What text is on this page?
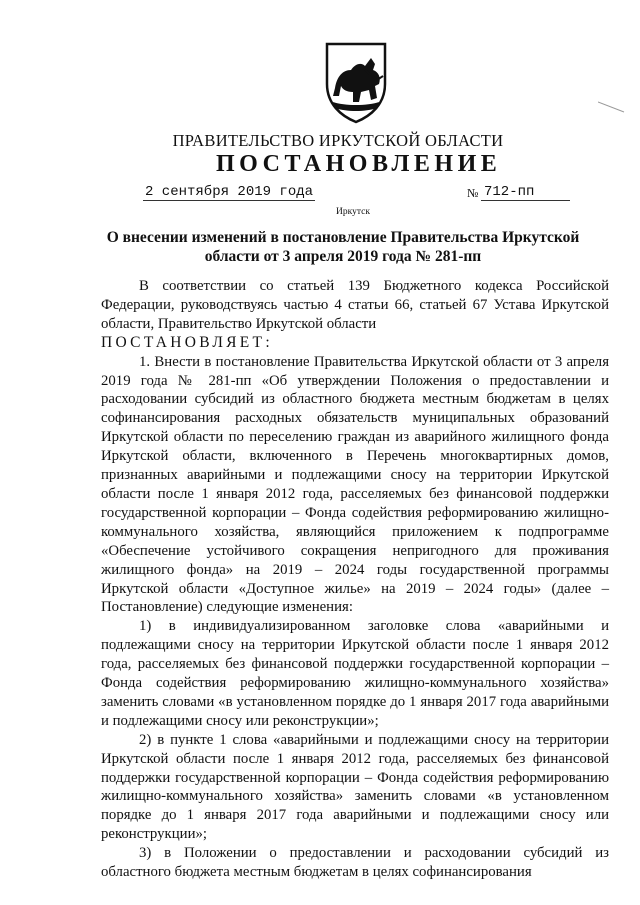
ПРАВИТЕЛЬСТВО ИРКУТСКОЙ ОБЛАСТИ
ПОСТАНОВЛЕНИЕ
2 сентября 2019 года	№ 712-пп
Иркутск
О внесении изменений в постановление Правительства Иркутской области от 3 апреля 2019 года № 281-пп

В соответствии со статьей 139 Бюджетного кодекса Российской Федерации, руководствуясь частью 4 статьи 66, статьей 67 Устава Иркутской области, Правительство Иркутской области

ПОСТАНОВЛЯЕТ:

1. Внести в постановление Правительства Иркутской области от 3 апреля 2019 года № 281-пп «Об утверждении Положения о предоставлении и расходовании субсидий из областного бюджета местным бюджетам в целях софинансирования расходных обязательств муниципальных образований Иркутской области по переселению граждан из аварийного жилищного фонда Иркутской области, включенного в Перечень многоквартирных домов, признанных аварийными и подлежащими сносу на территории Иркутской области после 1 января 2012 года, расселяемых без финансовой поддержки государственной корпорации – Фонда содействия реформированию жилищно-коммунального хозяйства, являющийся приложением к подпрограмме «Обеспечение устойчивого сокращения непригодного для проживания жилищного фонда» на 2019 – 2024 годы государственной программы Иркутской области «Доступное жилье» на 2019 – 2024 годы» (далее – Постановление) следующие изменения:

1) в индивидуализированном заголовке слова «аварийными и подлежащими сносу на территории Иркутской области после 1 января 2012 года, расселяемых без финансовой поддержки государственной корпорации – Фонда содействия реформированию жилищно-коммунального хозяйства» заменить словами «в установленном порядке до 1 января 2017 года аварийными и подлежащими сносу или реконструкции»;

2) в пункте 1 слова «аварийными и подлежащими сносу на территории Иркутской области после 1 января 2012 года, расселяемых без финансовой поддержки государственной корпорации – Фонда содействия реформированию жилищно-коммунального хозяйства» заменить словами «в установленном порядке до 1 января 2017 года аварийными и подлежащими сносу или реконструкции»;

3) в Положении о предоставлении и расходовании субсидий из областного бюджета местным бюджетам в целях софинансирования
